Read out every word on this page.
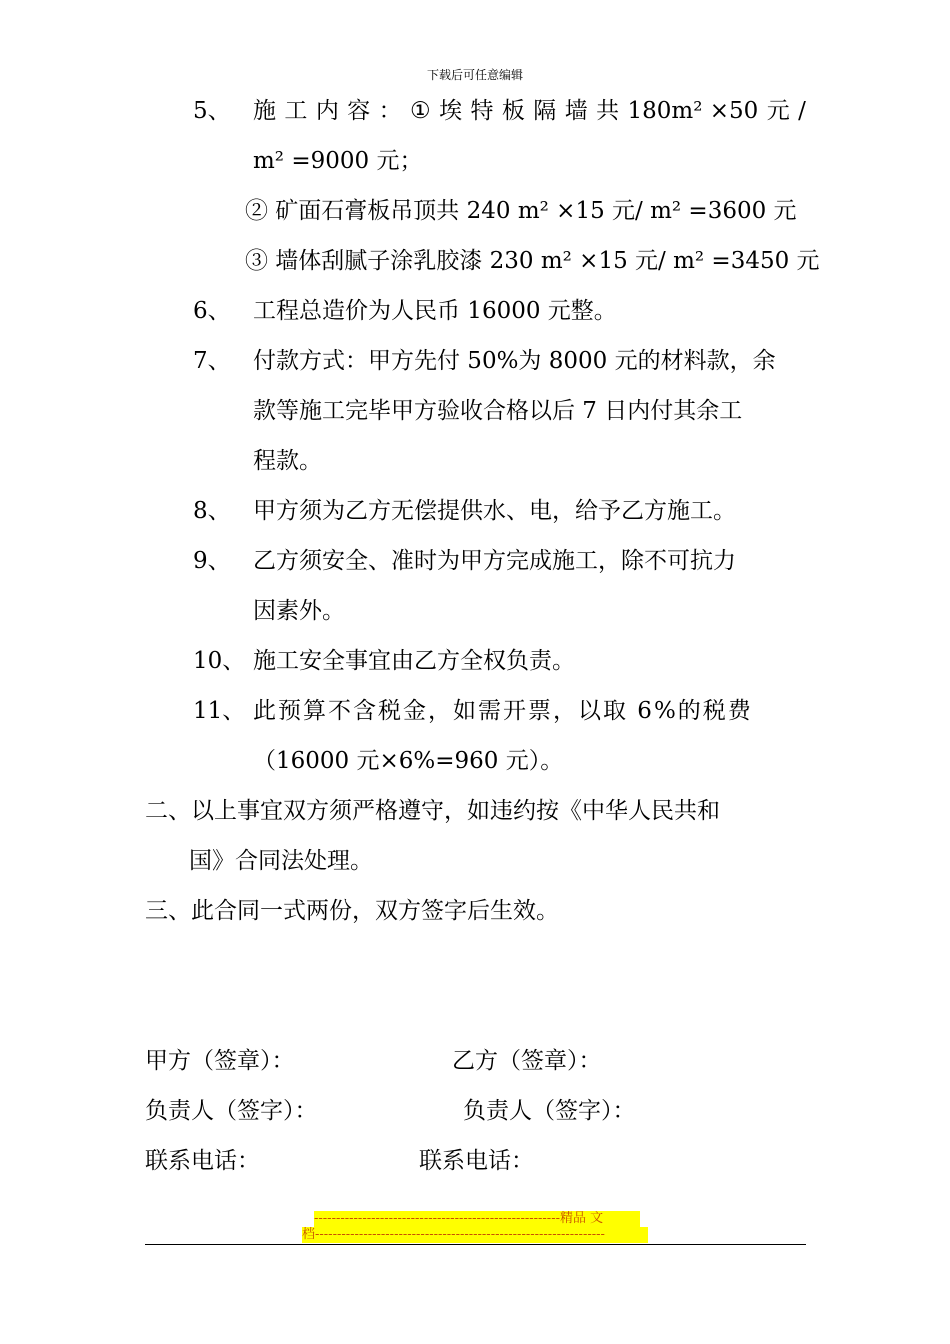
下载后可任意编辑
5、 施 工 内 容 ： ① 埃 特 板 隔 墙 共 180m² ×50 元 /
m² =9000 元；
② 矿面石膏板吊顶共 240 m² ×15 元/ m² =3600 元
③ 墙体刮腻子涂乳胶漆 230 m² ×15 元/ m² =3450 元
6、 工程总造价为人民币 16000 元整。
7、 付款方式：甲方先付 50%为 8000 元的材料款，余
款等施工完毕甲方验收合格以后 7 日内付其余工
程款。
8、 甲方须为乙方无偿提供水、电，给予乙方施工。
9、 乙方须安全、准时为甲方完成施工，除不可抗力
因素外。
10、 施工安全事宜由乙方全权负责。
11、 此预算不含税金，如需开票，以取 6%的税费
（16000 元×6%=960 元）。
二、以上事宜双方须严格遵守，如违约按《中华人民共和
国》合同法处理。
三、此合同一式两份，双方签字后生效。
甲方（签章）：	乙方（签章）：
负责人（签字）：	负责人（签字）：
联系电话：	联系电话：
--------------------------------------------------------精品 文
档------------------------------------------------------------------
